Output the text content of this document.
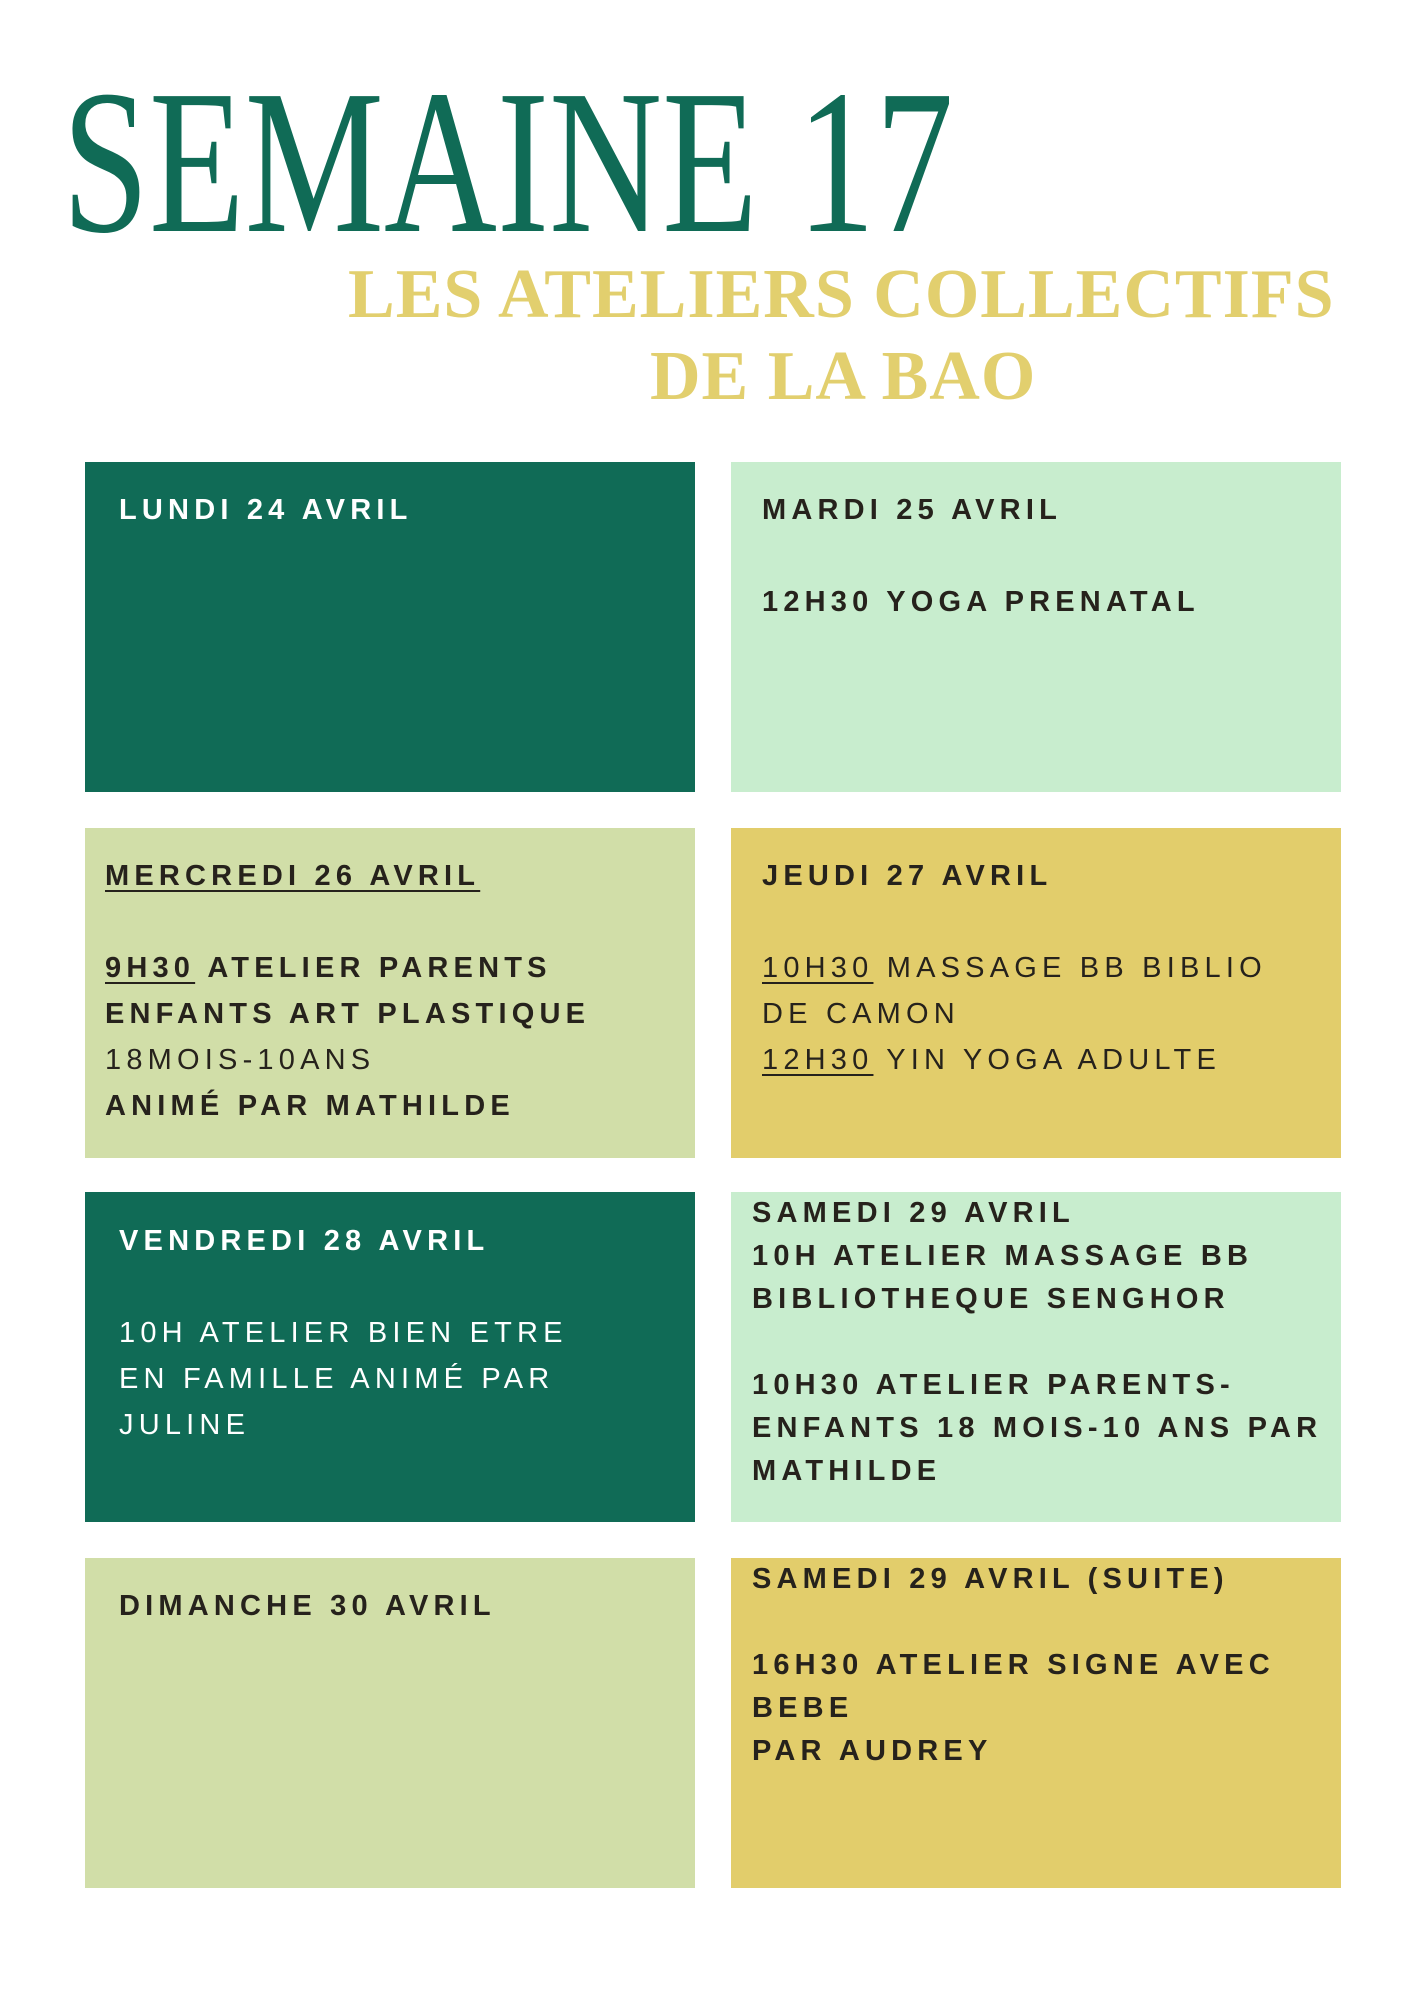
SEMAINE 17
LES ATELIERS COLLECTIFS
DE LA BAO
LUNDI 24 AVRIL	MARDI 25 AVRIL
12H30 YOGA PRENATAL
MERCREDI 26 AVRIL
9H30 ATELIER PARENTS
ENFANTS ART PLASTIQUE
18MOIS-10ANS
ANIMÉ PAR MATHILDE
JEUDI 27 AVRIL
10H30 MASSAGE BB BIBLIO
DE CAMON
12H30 YIN YOGA ADULTE
VENDREDI 28 AVRIL
10H ATELIER BIEN ETRE
EN FAMILLE ANIMÉ PAR
JULINE
SAMEDI 29 AVRIL
10H ATELIER MASSAGE BB
BIBLIOTHEQUE SENGHOR
10H30 ATELIER PARENTS-
ENFANTS 18 MOIS-10 ANS PAR
MATHILDE
DIMANCHE 30 AVRIL
SAMEDI 29 AVRIL (SUITE)
16H30 ATELIER SIGNE AVEC
BEBE
PAR AUDREY
